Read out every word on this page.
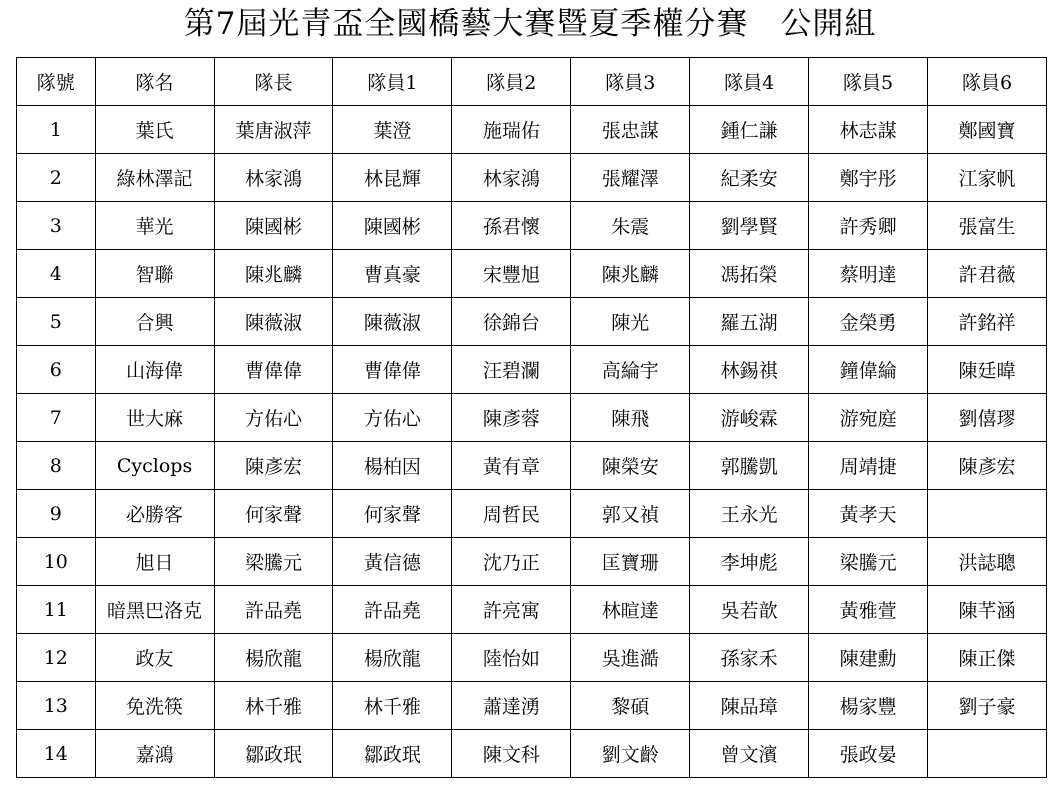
第7屆光青盃全國橋藝大賽暨夏季權分賽　公開組
隊號	隊名	隊長	隊員1	隊員2	隊員3	隊員4	隊員5	隊員6
1	葉氏	葉唐淑萍	葉澄	施瑞佑	張忠謀	鍾仁謙	林志謀	鄭國寶
2	綠林澤記	林家鴻	林昆輝	林家鴻	張耀澤	紀柔安	鄭宇彤	江家帆
3	華光	陳國彬	陳國彬	孫君懷	朱震	劉學賢	許秀卿	張富生
4	智聯	陳兆麟	曹真豪	宋豐旭	陳兆麟	馮拓榮	蔡明達	許君薇
5	合興	陳薇淑	陳薇淑	徐錦台	陳光	羅五湖	金榮勇	許銘祥
6	山海偉	曹偉偉	曹偉偉	汪碧瀾	高綸宇	林錫祺	鐘偉綸	陳廷暐
7	世大麻	方佑心	方佑心	陳彥蓉	陳飛	游峻霖	游宛庭	劉僖璆
8	Cyclops	陳彥宏	楊柏因	黃有章	陳榮安	郭騰凱	周靖捷	陳彥宏
9	必勝客	何家聲	何家聲	周哲民	郭又禎	王永光	黃孝天	
10	旭日	梁騰元	黃信德	沈乃正	匡寶珊	李坤彪	梁騰元	洪誌聰
11	暗黑巴洛克	許品堯	許品堯	許亮寓	林暄達	吳若歆	黃雅萱	陳芊涵
12	政友	楊欣龍	楊欣龍	陸怡如	吳進澔	孫家禾	陳建勳	陳正傑
13	免洗筷	林千雅	林千雅	蕭達湧	黎碩	陳品璋	楊家豐	劉子豪
14	嘉鴻	鄒政珉	鄒政珉	陳文科	劉文齡	曾文濱	張政晏	
